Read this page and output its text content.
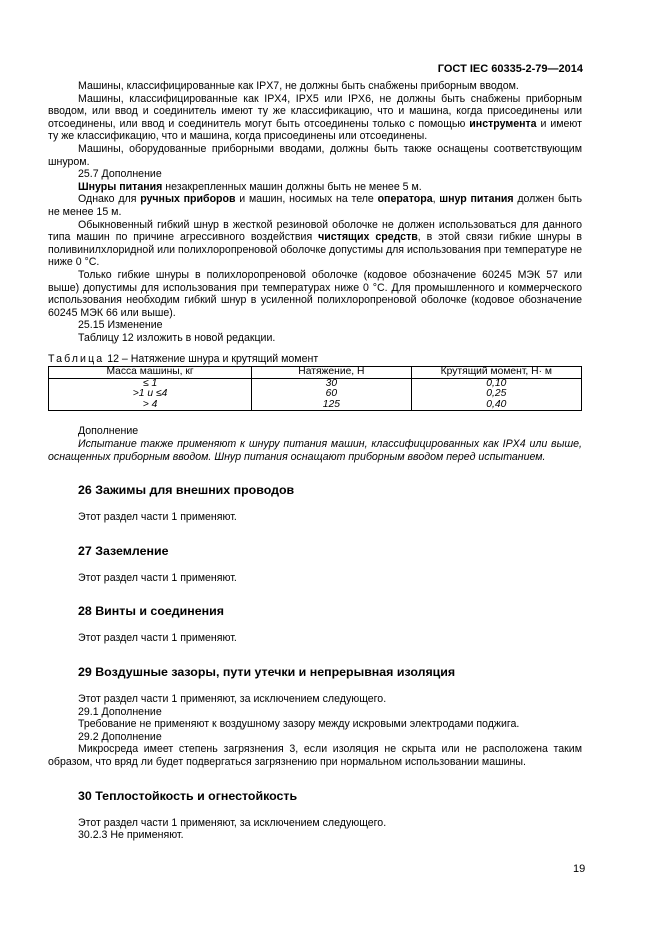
ГОСТ IEC 60335-2-79—2014

Машины, классифицированные как IPX7, не должны быть снабжены приборным вводом.

Машины, классифицированные как IPX4, IPX5 или IPX6, не должны быть снабжены приборным вводом, или ввод и соединитель имеют ту же классификацию, что и машина, когда присоединены или отсоединены, или ввод и соединитель могут быть отсоединены только с помощью инструмента и имеют ту же классификацию, что и машина, когда присоединены или отсоединены.

Машины, оборудованные приборными вводами, должны быть также оснащены соответствующим шнуром.

25.7 Дополнение

Шнуры питания незакрепленных машин должны быть не менее 5 м.

Однако для ручных приборов и машин, носимых на теле оператора, шнур питания должен быть не менее 15 м.

Обыкновенный гибкий шнур в жесткой резиновой оболочке не должен использоваться для данного типа машин по причине агрессивного воздействия чистящих средств, в этой связи гибкие шнуры в поливинилхлоридной или полихлоропреновой оболочке допустимы для использования при температуре не ниже 0 °С.

Только гибкие шнуры в полихлоропреновой оболочке (кодовое обозначение 60245 МЭК 57 или выше) допустимы для использования при температурах ниже 0 °С. Для промышленного и коммерческого использования необходим гибкий шнур в усиленной полихлоропреновой оболочке (кодовое обозначение 60245 МЭК 66 или выше).

25.15 Изменение

Таблицу 12 изложить в новой редакции.

Таблица 12 – Натяжение шнура и крутящий момент
Масса машины, кг	Натяжение, Н	Крутящий момент, Н· м
≤ 1	30	0,10
>1 и ≤4	60	0,25
> 4	125	0,40

Дополнение

Испытание также применяют к шнуру питания машин, классифицированных как IPX4 или выше, оснащенных приборным вводом. Шнур питания оснащают приборным вводом перед испытанием.

26 Зажимы для внешних проводов

Этот раздел части 1 применяют.

27 Заземление

Этот раздел части 1 применяют.

28 Винты и соединения

Этот раздел части 1 применяют.

29 Воздушные зазоры, пути утечки и непрерывная изоляция

Этот раздел части 1 применяют, за исключением следующего.

29.1 Дополнение

Требование не применяют к воздушному зазору между искровыми электродами поджига.

29.2 Дополнение

Микросреда имеет степень загрязнения 3, если изоляция не скрыта или не расположена таким образом, что вряд ли будет подвергаться загрязнению при нормальном использовании машины.

30 Теплостойкость и огнестойкость

Этот раздел части 1 применяют, за исключением следующего.

30.2.3 Не применяют.

19
